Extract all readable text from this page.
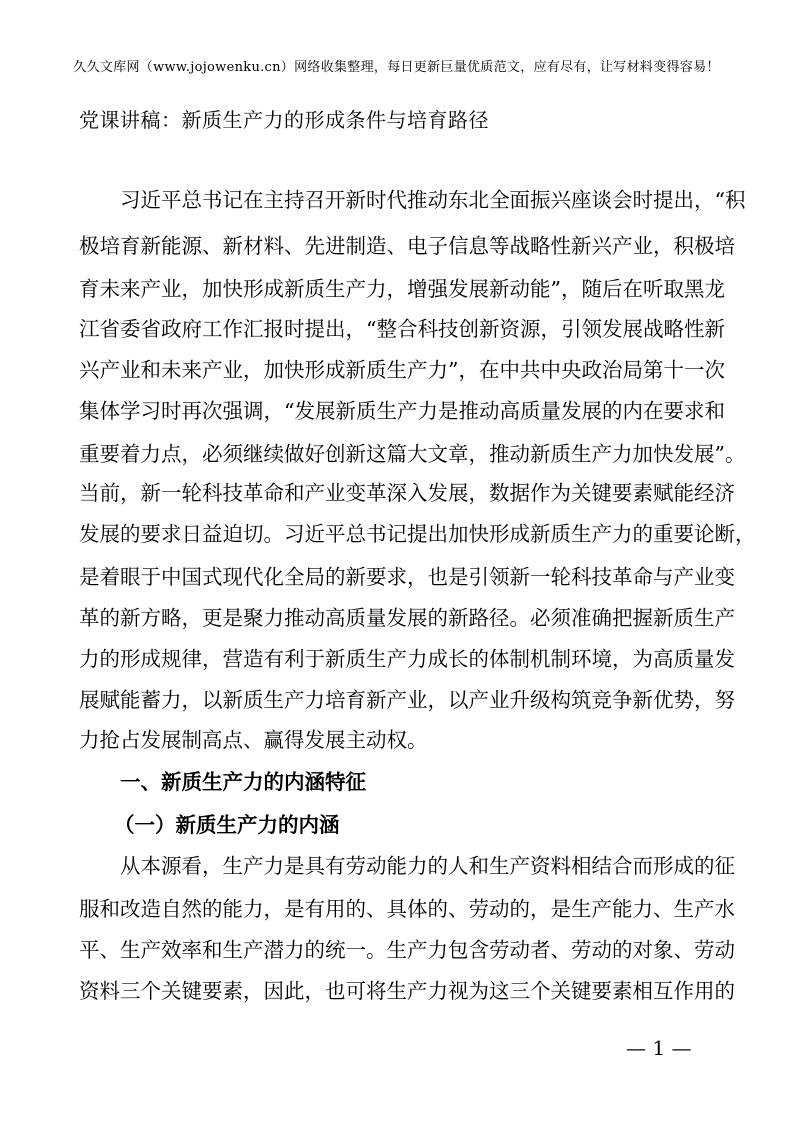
久久文库网（www.jojowenku.cn）网络收集整理，每日更新巨量优质范文，应有尽有，让写材料变得容易！
党课讲稿：新质生产力的形成条件与培育路径
习近平总书记在主持召开新时代推动东北全面振兴座谈会时提出，“积
极培育新能源、新材料、先进制造、电子信息等战略性新兴产业，积极培
育未来产业，加快形成新质生产力，增强发展新动能”，随后在听取黑龙
江省委省政府工作汇报时提出，“整合科技创新资源，引领发展战略性新
兴产业和未来产业，加快形成新质生产力”，在中共中央政治局第十一次
集体学习时再次强调，“发展新质生产力是推动高质量发展的内在要求和
重要着力点，必须继续做好创新这篇大文章，推动新质生产力加快发展”。
当前，新一轮科技革命和产业变革深入发展，数据作为关键要素赋能经济
发展的要求日益迫切。习近平总书记提出加快形成新质生产力的重要论断，
是着眼于中国式现代化全局的新要求，也是引领新一轮科技革命与产业变
革的新方略，更是聚力推动高质量发展的新路径。必须准确把握新质生产
力的形成规律，营造有利于新质生产力成长的体制机制环境，为高质量发
展赋能蓄力，以新质生产力培育新产业，以产业升级构筑竞争新优势，努
力抢占发展制高点、赢得发展主动权。
一、新质生产力的内涵特征
（一）新质生产力的内涵
从本源看，生产力是具有劳动能力的人和生产资料相结合而形成的征
服和改造自然的能力，是有用的、具体的、劳动的，是生产能力、生产水
平、生产效率和生产潜力的统一。生产力包含劳动者、劳动的对象、劳动
资料三个关键要素，因此，也可将生产力视为这三个关键要素相互作用的
— 1 —
